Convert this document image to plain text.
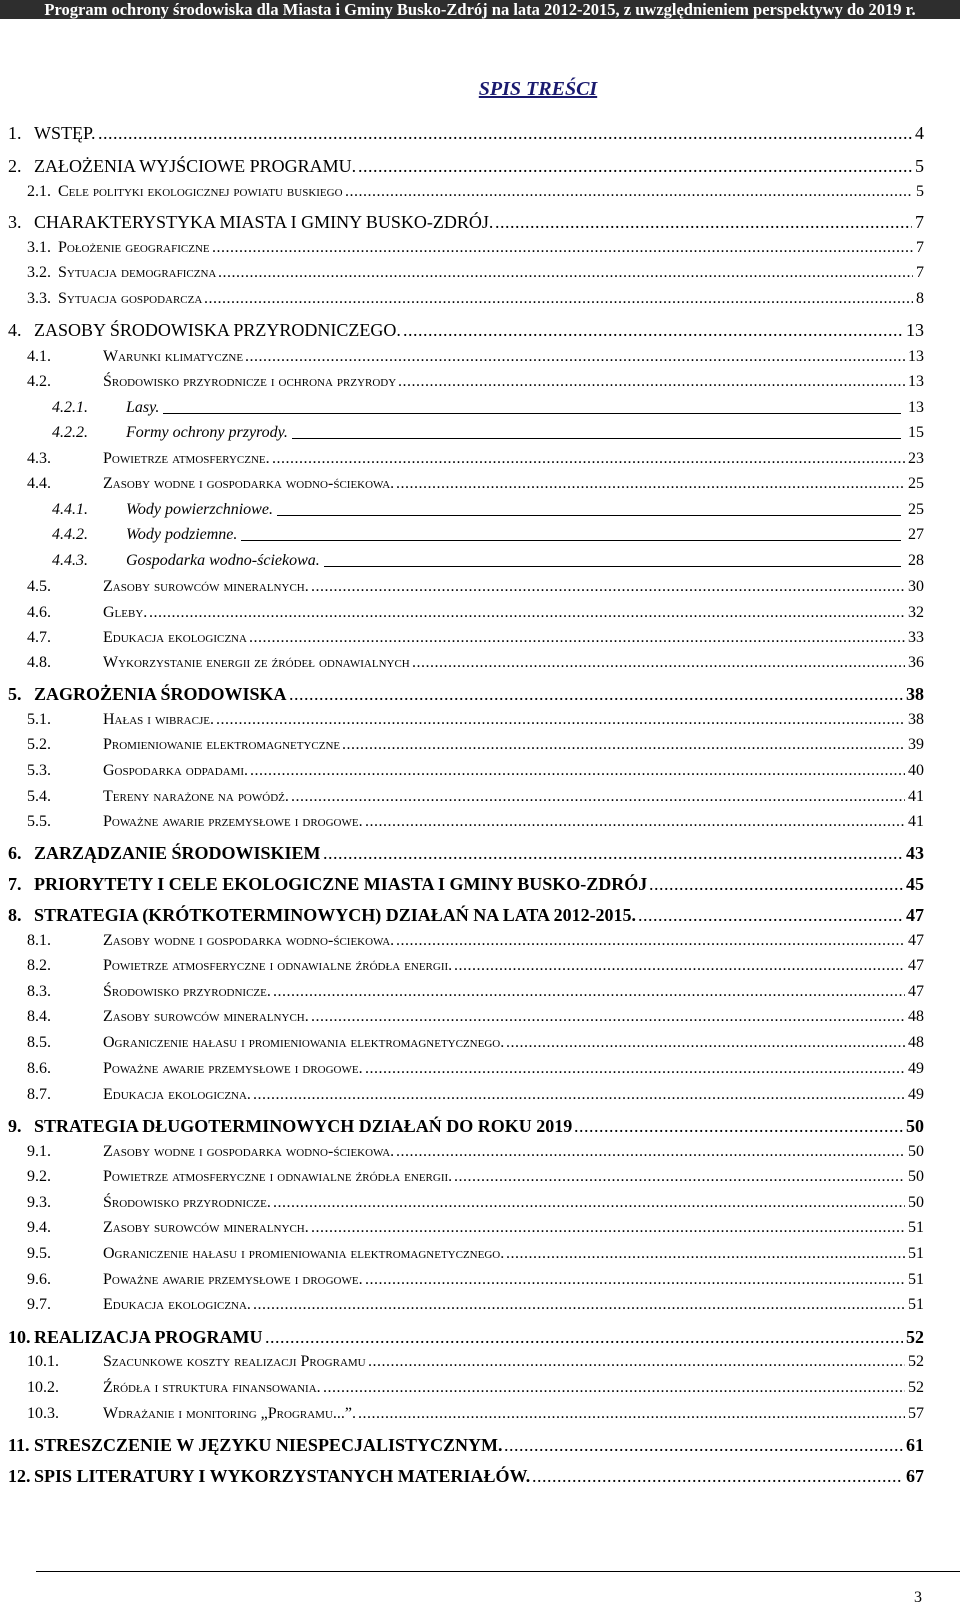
Program ochrony środowiska dla Miasta i Gminy Busko-Zdrój na lata 2012-2015, z uwzględnieniem perspektywy do 2019 r.
SPIS TREŚCI
1. WSTĘP.	4
.....
2. ZAŁOŻENIA WYJŚCIOWE PROGRAMU.	5
.....
2.1. Cele polityki ekologicznej powiatu buskiego	5
.....
3. CHARAKTERYSTYKA MIASTA I GMINY BUSKO-ZDRÓJ.	7
.....
3.1. Położenie geograficzne	7
.....
3.2. Sytuacja demograficzna	7
.....
3.3. Sytuacja gospodarcza	8
.....
4. ZASOBY ŚRODOWISKA PRZYRODNICZEGO.	13
.....
4.1.	Warunki klimatyczne	13
.....
4.2.	Środowisko przyrodnicze i ochrona przyrody	13
.....
4.2.1. Lasy.	13
4.2.2. Formy ochrony przyrody.	15
4.3.	Powietrze atmosferyczne.	23
.....
4.4.	Zasoby wodne i gospodarka wodno-ściekowa.	25
.....
4.4.1. Wody powierzchniowe.	25
4.4.2. Wody podziemne.	27
4.4.3. Gospodarka wodno-ściekowa.	28
4.5.	Zasoby surowców mineralnych.	30
.....
4.6.	Gleby.	32
.....
4.7.	Edukacja ekologiczna	33
.....
4.8.	Wykorzystanie energii ze źródeł odnawialnych	36
.....
5. ZAGROŻENIA ŚRODOWISKA	38
.....
5.1.	Hałas i wibracje.	38
.....
5.2.	Promieniowanie elektromagnetyczne	39
.....
5.3.	Gospodarka odpadami.	40
.....
5.4.	Tereny narażone na powódź.	41
.....
5.5.	Poważne awarie przemysłowe i drogowe.	41
.....
6. ZARZĄDZANIE ŚRODOWISKIEM	43
.....
7. PRIORYTETY I CELE EKOLOGICZNE MIASTA I GMINY BUSKO-ZDRÓJ	45
.....
8. STRATEGIA (KRÓTKOTERMINOWYCH) DZIAŁAŃ NA LATA 2012-2015.	47
.....
8.1.	Zasoby wodne i gospodarka wodno-ściekowa.	47
.....
8.2.	Powietrze atmosferyczne i odnawialne źródła energii.	47
.....
8.3.	Środowisko przyrodnicze.	47
.....
8.4.	Zasoby surowców mineralnych.	48
.....
8.5.	Ograniczenie hałasu i promieniowania elektromagnetycznego.	48
.....
8.6.	Poważne awarie przemysłowe i drogowe.	49
.....
8.7.	Edukacja ekologiczna.	49
.....
9. STRATEGIA DŁUGOTERMINOWYCH DZIAŁAŃ DO ROKU 2019	50
.....
9.1.	Zasoby wodne i gospodarka wodno-ściekowa.	50
.....
9.2.	Powietrze atmosferyczne i odnawialne źródła energii.	50
.....
9.3.	Środowisko przyrodnicze.	50
.....
9.4.	Zasoby surowców mineralnych.	51
.....
9.5.	Ograniczenie hałasu i promieniowania elektromagnetycznego.	51
.....
9.6.	Poważne awarie przemysłowe i drogowe.	51
.....
9.7.	Edukacja ekologiczna.	51
.....
10. REALIZACJA PROGRAMU	52
.....
10.1.	Szacunkowe koszty realizacji Programu	52
.....
10.2.	Źródła i struktura finansowania.	52
.....
10.3.	Wdrażanie i monitoring „Programu...”.	57
.....
11. STRESZCZENIE W JĘZYKU NIESPECJALISTYCZNYM.	61
.....
12. SPIS LITERATURY I WYKORZYSTANYCH MATERIAŁÓW.	67
.....
3
